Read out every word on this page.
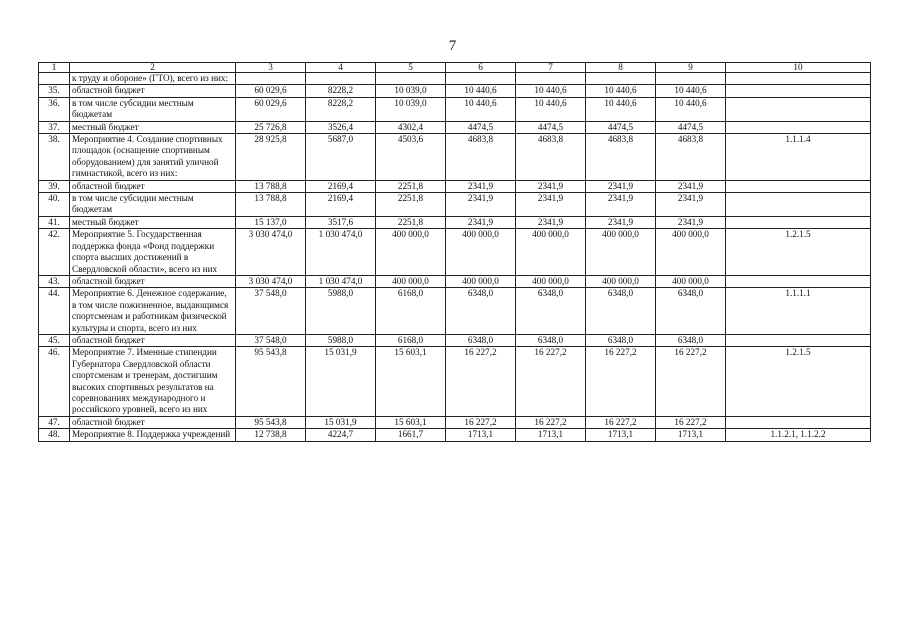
7
1	2	3	4	5	6	7	8	9	10
	к труду и обороне» (ГТО), всего из них:								
35.	областной бюджет	60 029,6	8228,2	10 039,0	10 440,6	10 440,6	10 440,6	10 440,6	
36.	в том числе субсидии местным бюджетам	60 029,6	8228,2	10 039,0	10 440,6	10 440,6	10 440,6	10 440,6	
37.	местный бюджет	25 726,8	3526,4	4302,4	4474,5	4474,5	4474,5	4474,5	
38.	Мероприятие 4. Создание спортивных площадок (оснащение спортивным оборудованием) для занятий уличной гимнастикой, всего из них:	28 925,8	5687,0	4503,6	4683,8	4683,8	4683,8	4683,8	1.1.1.4
39.	областной бюджет	13 788,8	2169,4	2251,8	2341,9	2341,9	2341,9	2341,9	
40.	в том числе субсидии местным бюджетам	13 788,8	2169,4	2251,8	2341,9	2341,9	2341,9	2341,9	
41.	местный бюджет	15 137,0	3517,6	2251,8	2341,9	2341,9	2341,9	2341,9	
42.	Мероприятие 5. Государственная поддержка фонда «Фонд поддержки спорта высших достижений в Свердловской области», всего из них	3 030 474,0	1 030 474,0	400 000,0	400 000,0	400 000,0	400 000,0	400 000,0	1.2.1.5
43.	областной бюджет	3 030 474,0	1 030 474,0	400 000,0	400 000,0	400 000,0	400 000,0	400 000,0	
44.	Мероприятие 6. Денежное содержание, в том числе пожизненное, выдающимся спортсменам и работникам физической культуры и спорта, всего из них	37 548,0	5988,0	6168,0	6348,0	6348,0	6348,0	6348,0	1.1.1.1
45.	областной бюджет	37 548,0	5988,0	6168,0	6348,0	6348,0	6348,0	6348,0	
46.	Мероприятие 7. Именные стипендии Губернатора Свердловской области спортсменам и тренерам, достигшим высоких спортивных результатов на соревнованиях международного и российского уровней, всего из них	95 543,8	15 031,9	15 603,1	16 227,2	16 227,2	16 227,2	16 227,2	1.2.1.5
47.	областной бюджет	95 543,8	15 031,9	15 603,1	16 227,2	16 227,2	16 227,2	16 227,2	
48.	Мероприятие 8. Поддержка учреждений	12 738,8	4224,7	1661,7	1713,1	1713,1	1713,1	1713,1	1.1.2.1, 1.1.2.2
